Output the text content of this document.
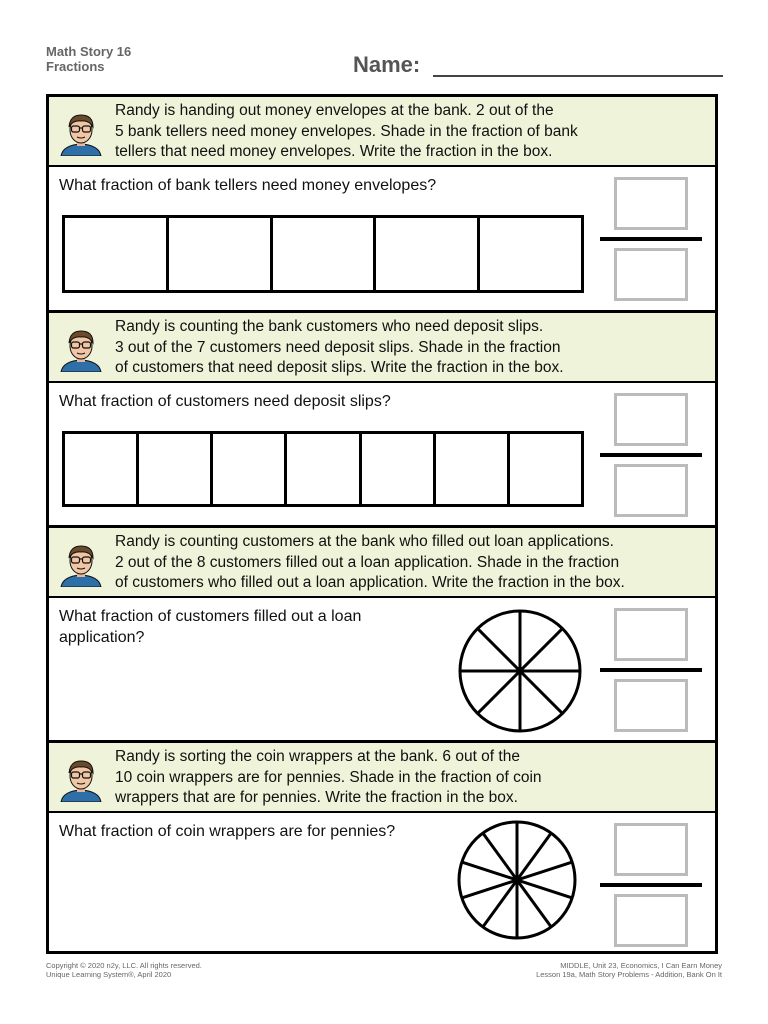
Math Story 16
Fractions	Name:
Randy is handing out money envelopes at the bank. 2 out of the
5 bank tellers need money envelopes. Shade in the fraction of bank
tellers that need money envelopes. Write the fraction in the box.
What fraction of bank tellers need money envelopes?
Randy is counting the bank customers who need deposit slips.
3 out of the 7 customers need deposit slips. Shade in the fraction
of customers that need deposit slips. Write the fraction in the box.
What fraction of customers need deposit slips?
Randy is counting customers at the bank who filled out loan applications.
2 out of the 8 customers filled out a loan application. Shade in the fraction
of customers who filled out a loan application. Write the fraction in the box.
What fraction of customers filled out a loan
application?
Randy is sorting the coin wrappers at the bank. 6 out of the
10 coin wrappers are for pennies. Shade in the fraction of coin
wrappers that are for pennies. Write the fraction in the box.
What fraction of coin wrappers are for pennies?
Copyright © 2020 n2y, LLC. All rights reserved.
Unique Learning System®, April 2020
MIDDLE, Unit 23, Economics, I Can Earn Money
Lesson 19a, Math Story Problems - Addition, Bank On It
